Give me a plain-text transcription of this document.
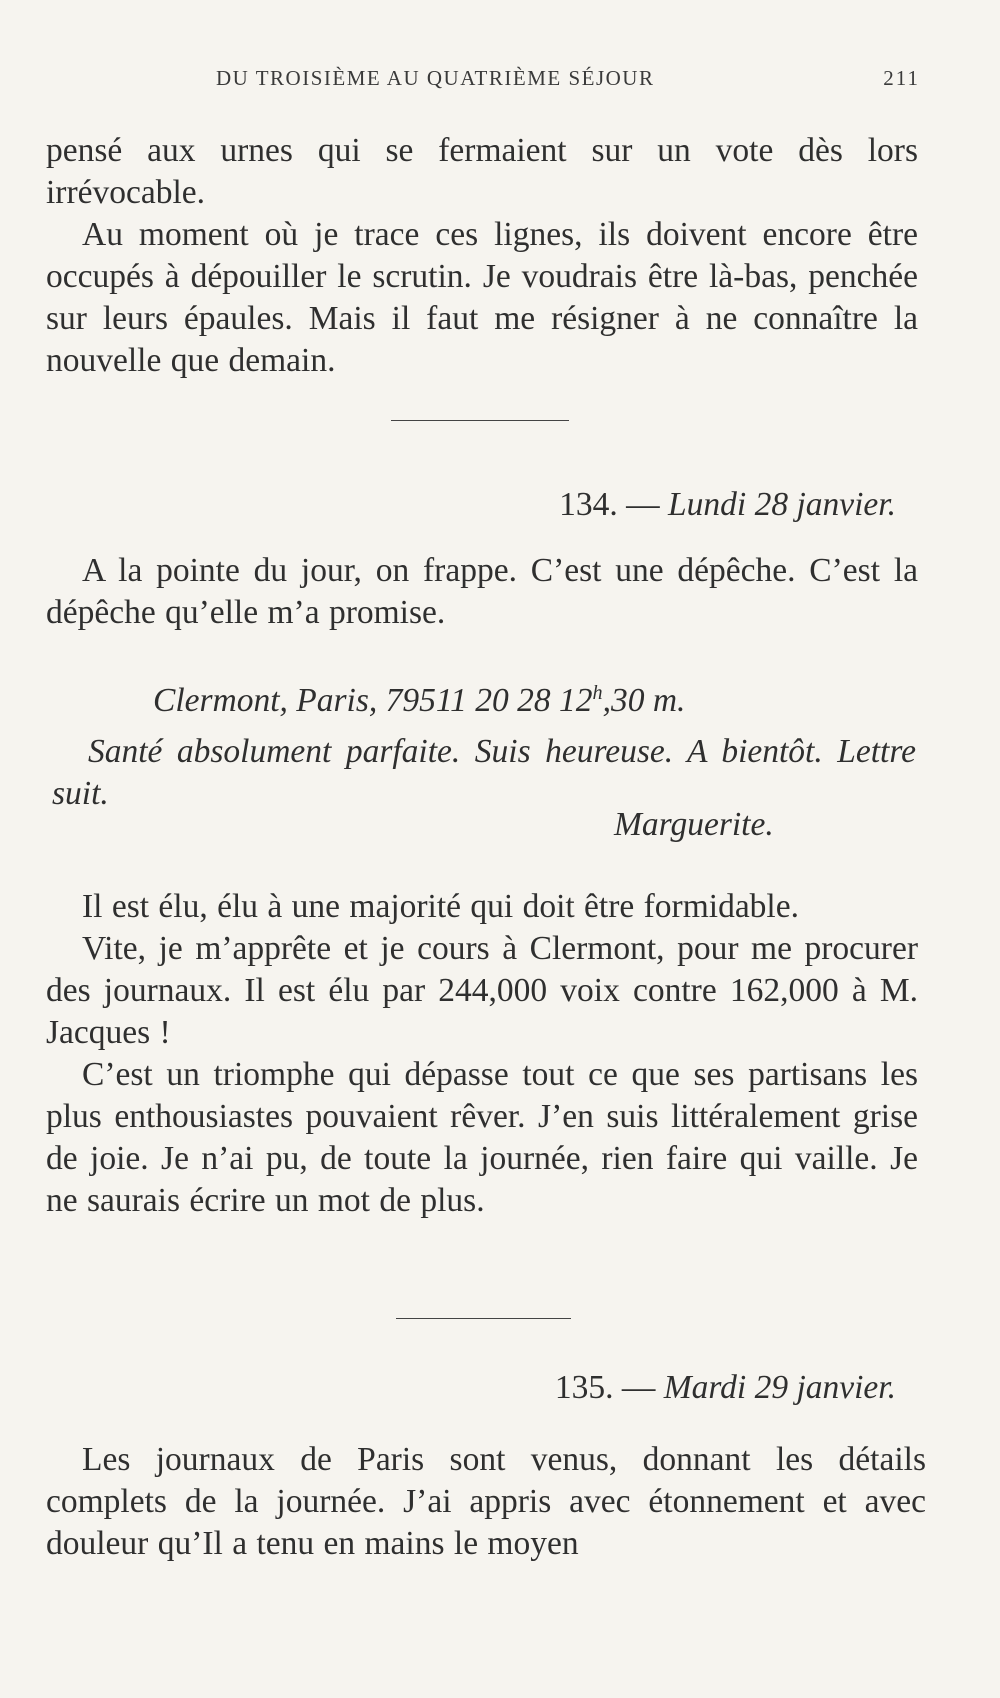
DU TROISIÈME AU QUATRIÈME SÉJOUR	211

pensé aux urnes qui se fermaient sur un vote dès lors irrévocable.

Au moment où je trace ces lignes, ils doivent encore être occupés à dépouiller le scrutin. Je voudrais être là-bas, penchée sur leurs épaules. Mais il faut me résigner à ne connaître la nouvelle que demain.

134. — Lundi 28 janvier.

A la pointe du jour, on frappe. C’est une dépêche. C’est la dépêche qu’elle m’a promise.

Clermont, Paris, 79511 20 28 12$^h$,30 m.
Santé absolument parfaite. Suis heureuse. A bientôt. Lettre suit.
Marguerite.

Il est élu, élu à une majorité qui doit être formidable.

Vite, je m’apprête et je cours à Clermont, pour me procurer des journaux. Il est élu par 244,000 voix contre 162,000 à M. Jacques !

C’est un triomphe qui dépasse tout ce que ses partisans les plus enthousiastes pouvaient rêver. J’en suis littéralement grise de joie. Je n’ai pu, de toute la journée, rien faire qui vaille. Je ne saurais écrire un mot de plus.

135. — Mardi 29 janvier.

Les journaux de Paris sont venus, donnant les détails complets de la journée. J’ai appris avec étonnement et avec douleur qu’Il a tenu en mains le moyen
